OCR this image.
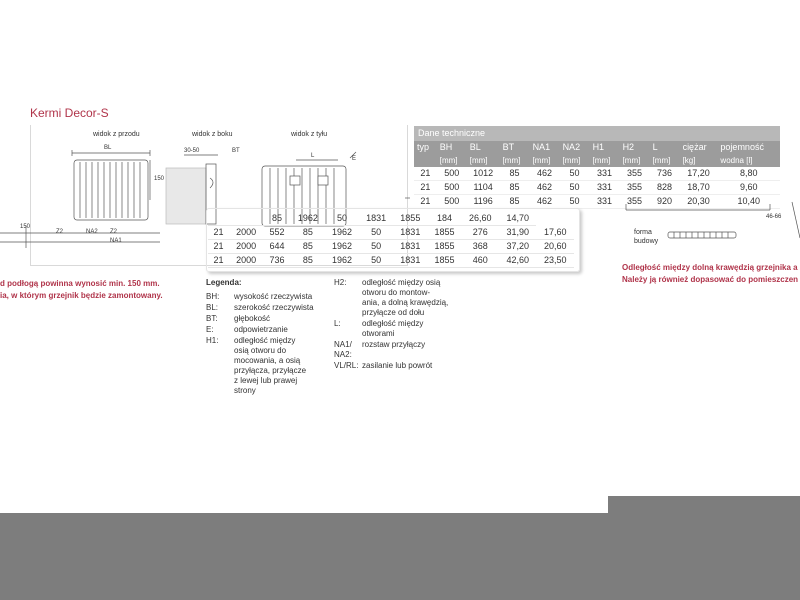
Kermi Decor-S
widok z przodu	widok z boku	widok z tyłu
BL	30-50	BT
150
L	E
Z2	NA2 Z2
NA1
150
Dane techniczne										
typ	BH	BL	BT	NA1	NA2	H1	H2	L	ciężar	pojemność
	[mm]	[mm]	[mm]	[mm]	[mm]	[mm]	[mm]	[mm]	[kg]	wodna [l]
21	500	1012	85	462	50	331	355	736	17,20	8,80
21	500	1104	85	462	50	331	355	828	18,70	9,60
21	500	1196	85	462	50	331	355	920	20,30	10,40
		85	1962	50	1831	1855	184	26,60	14,70	
21	2000	552	85	1962	50	1831	1855	276	31,90	17,60
21	2000	644	85	1962	50	1831	1855	368	37,20	20,60
21	2000	736	85	1962	50	1831	1855	460	42,60	23,50
46-66
forma
budowy
d podłogą powinna wynosić min. 150 mm.
ia, w którym grzejnik będzie zamontowany.
Odległość między dolną krawędzią grzejnika a
Należy ją również dopasować do pomieszczen
Legenda:
BH: wysokość rzeczywista
BL: szerokość rzeczywista
BT: głębokość
E:	odpowietrzanie
H1: odległość między
osią otworu do
mocowania, a osią
przyłącza, przyłącze
z lewej lub prawej
strony
H2: odległość między osią
otworu do montow-
ania, a dolną krawędzią,
przyłącze od dołu
L:	odległość między
otworami
NA1/
NA2:rozstaw przyłączy
VL/RL: zasilanie lub powrót
